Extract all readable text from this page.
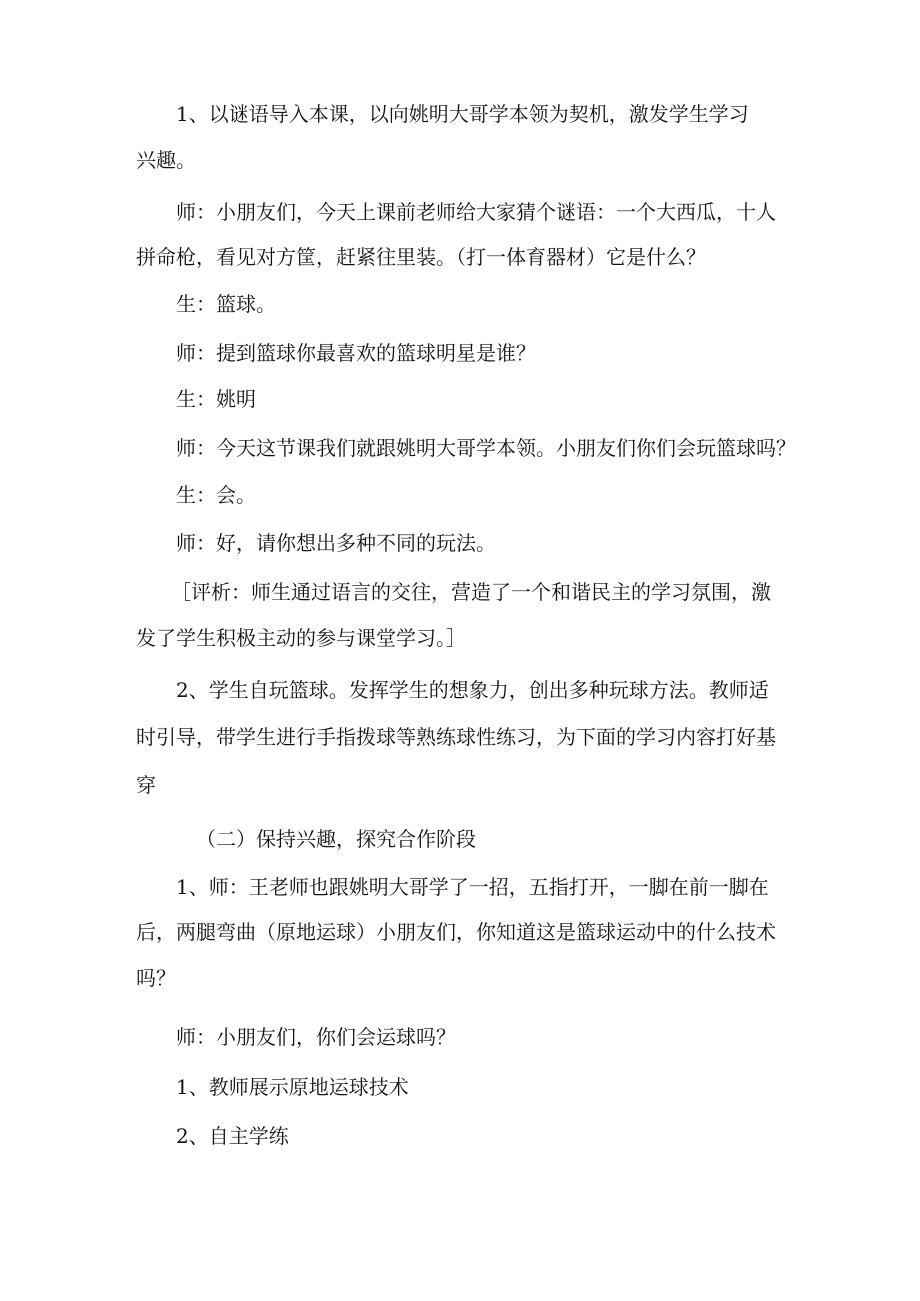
1、以谜语导入本课，以向姚明大哥学本领为契机，激发学生学习
兴趣。
师：小朋友们，今天上课前老师给大家猜个谜语：一个大西瓜，十人
拼命枪，看见对方筐，赶紧往里装。（打一体育器材）它是什么？
生：篮球。
师：提到篮球你最喜欢的篮球明星是谁？
生：姚明
师：今天这节课我们就跟姚明大哥学本领。小朋友们你们会玩篮球吗？
生：会。
师：好，请你想出多种不同的玩法。
［评析：师生通过语言的交往，营造了一个和谐民主的学习氛围，激
发了学生积极主动的参与课堂学习。］
2、学生自玩篮球。发挥学生的想象力，创出多种玩球方法。教师适
时引导，带学生进行手指拨球等熟练球性练习，为下面的学习内容打好基
穿
（二）保持兴趣，探究合作阶段
1、师：王老师也跟姚明大哥学了一招，五指打开，一脚在前一脚在
后，两腿弯曲（原地运球）小朋友们，你知道这是篮球运动中的什么技术
吗？
师：小朋友们，你们会运球吗？
1、教师展示原地运球技术
2、自主学练
